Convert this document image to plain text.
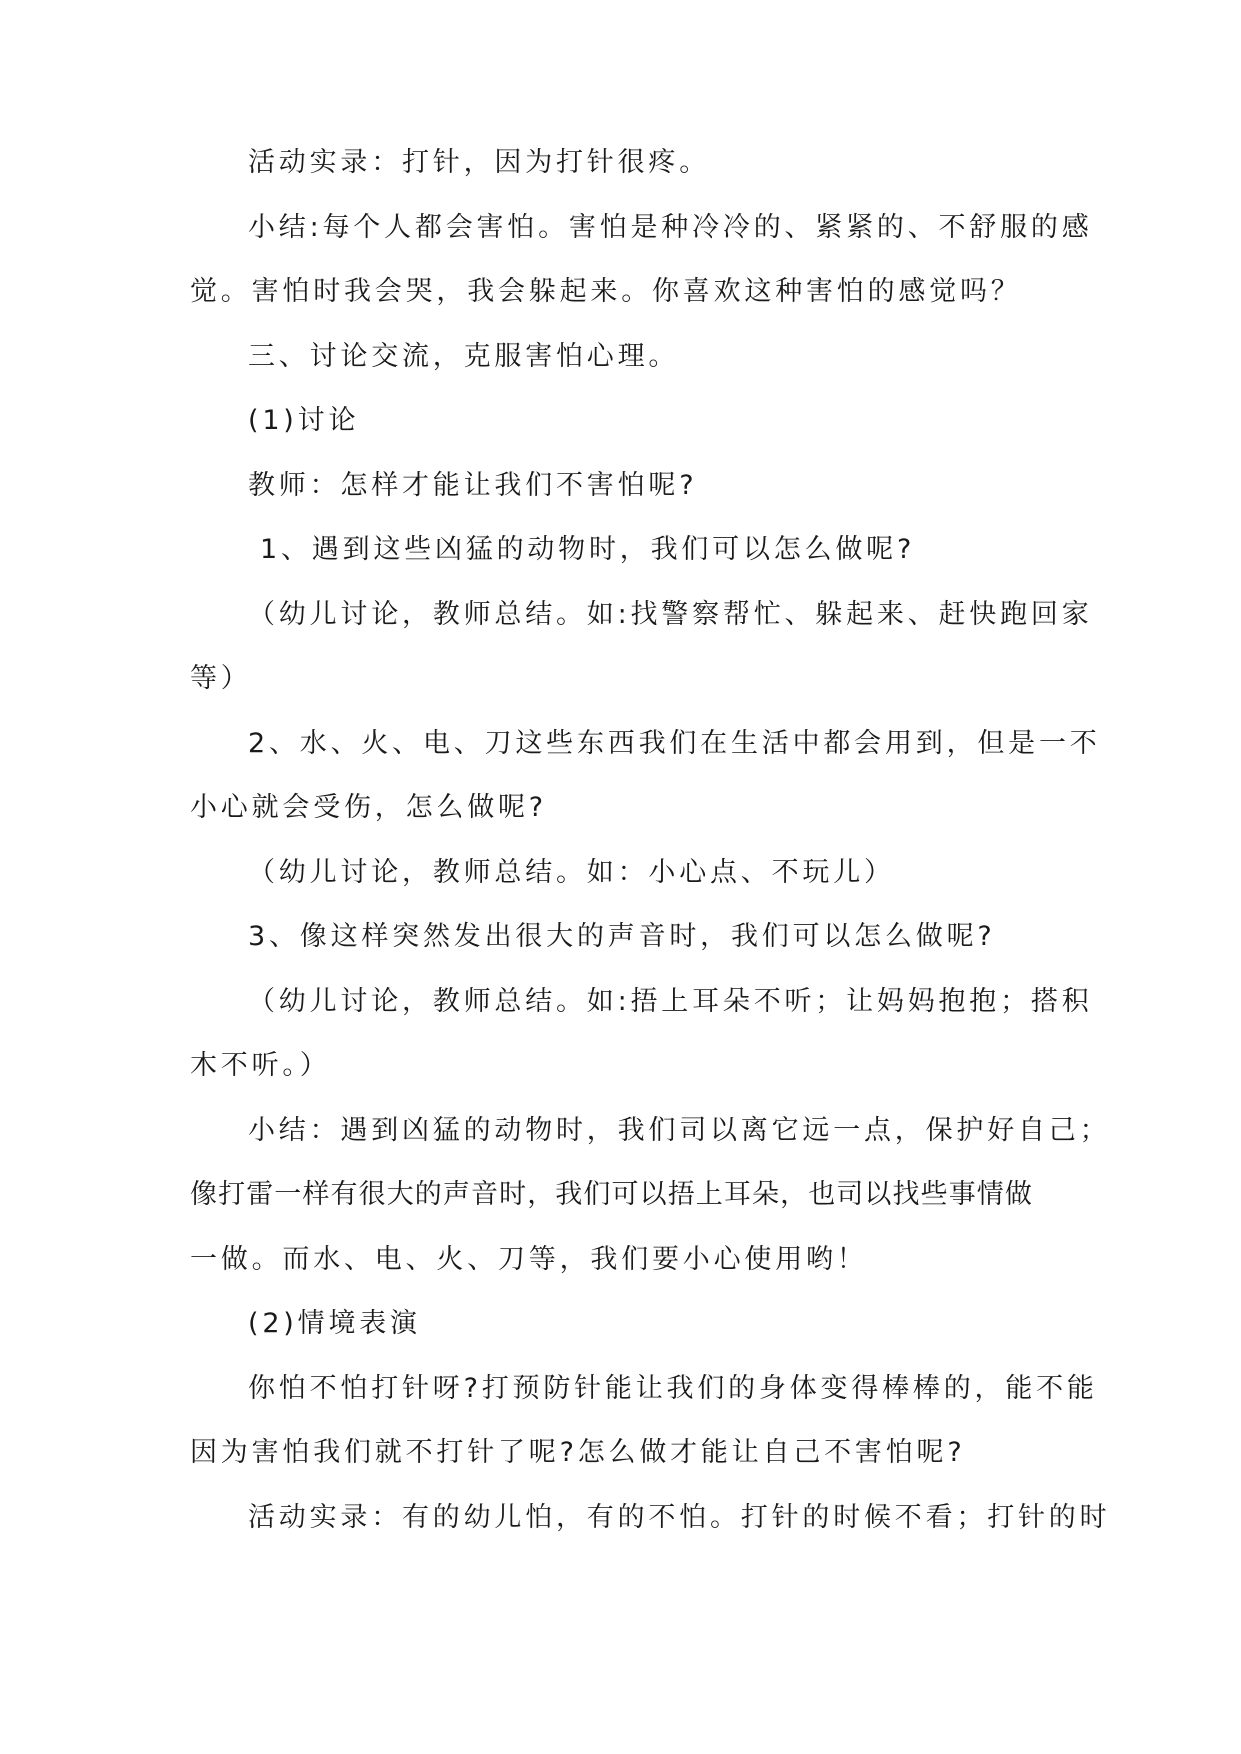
活动实录：打针，因为打针很疼。

小结:每个人都会害怕。害怕是种冷冷的、紧紧的、不舒服的感

觉。害怕时我会哭，我会躲起来。你喜欢这种害怕的感觉吗？

三、讨论交流，克服害怕心理。

(1)讨论

教师：怎样才能让我们不害怕呢?

1、遇到这些凶猛的动物时，我们可以怎么做呢?

（幼儿讨论，教师总结。如:找警察帮忙、躲起来、赶快跑回家

等）

2、水、火、电、刀这些东西我们在生活中都会用到，但是一不

小心就会受伤，怎么做呢?

（幼儿讨论，教师总结。如：小心点、不玩儿）

3、像这样突然发出很大的声音时，我们可以怎么做呢?

（幼儿讨论，教师总结。如:捂上耳朵不听；让妈妈抱抱；搭积

木不听。）

小结：遇到凶猛的动物时，我们司以离它远一点，保护好自己；

像打雷一样有很大的声音时，我们可以捂上耳朵，也司以找些事情做

一做。而水、电、火、刀等，我们要小心使用哟！

(2)情境表演

你怕不怕打针呀?打预防针能让我们的身体变得棒棒的，能不能

因为害怕我们就不打针了呢?怎么做才能让自己不害怕呢?

活动实录：有的幼儿怕，有的不怕。打针的时候不看；打针的时
